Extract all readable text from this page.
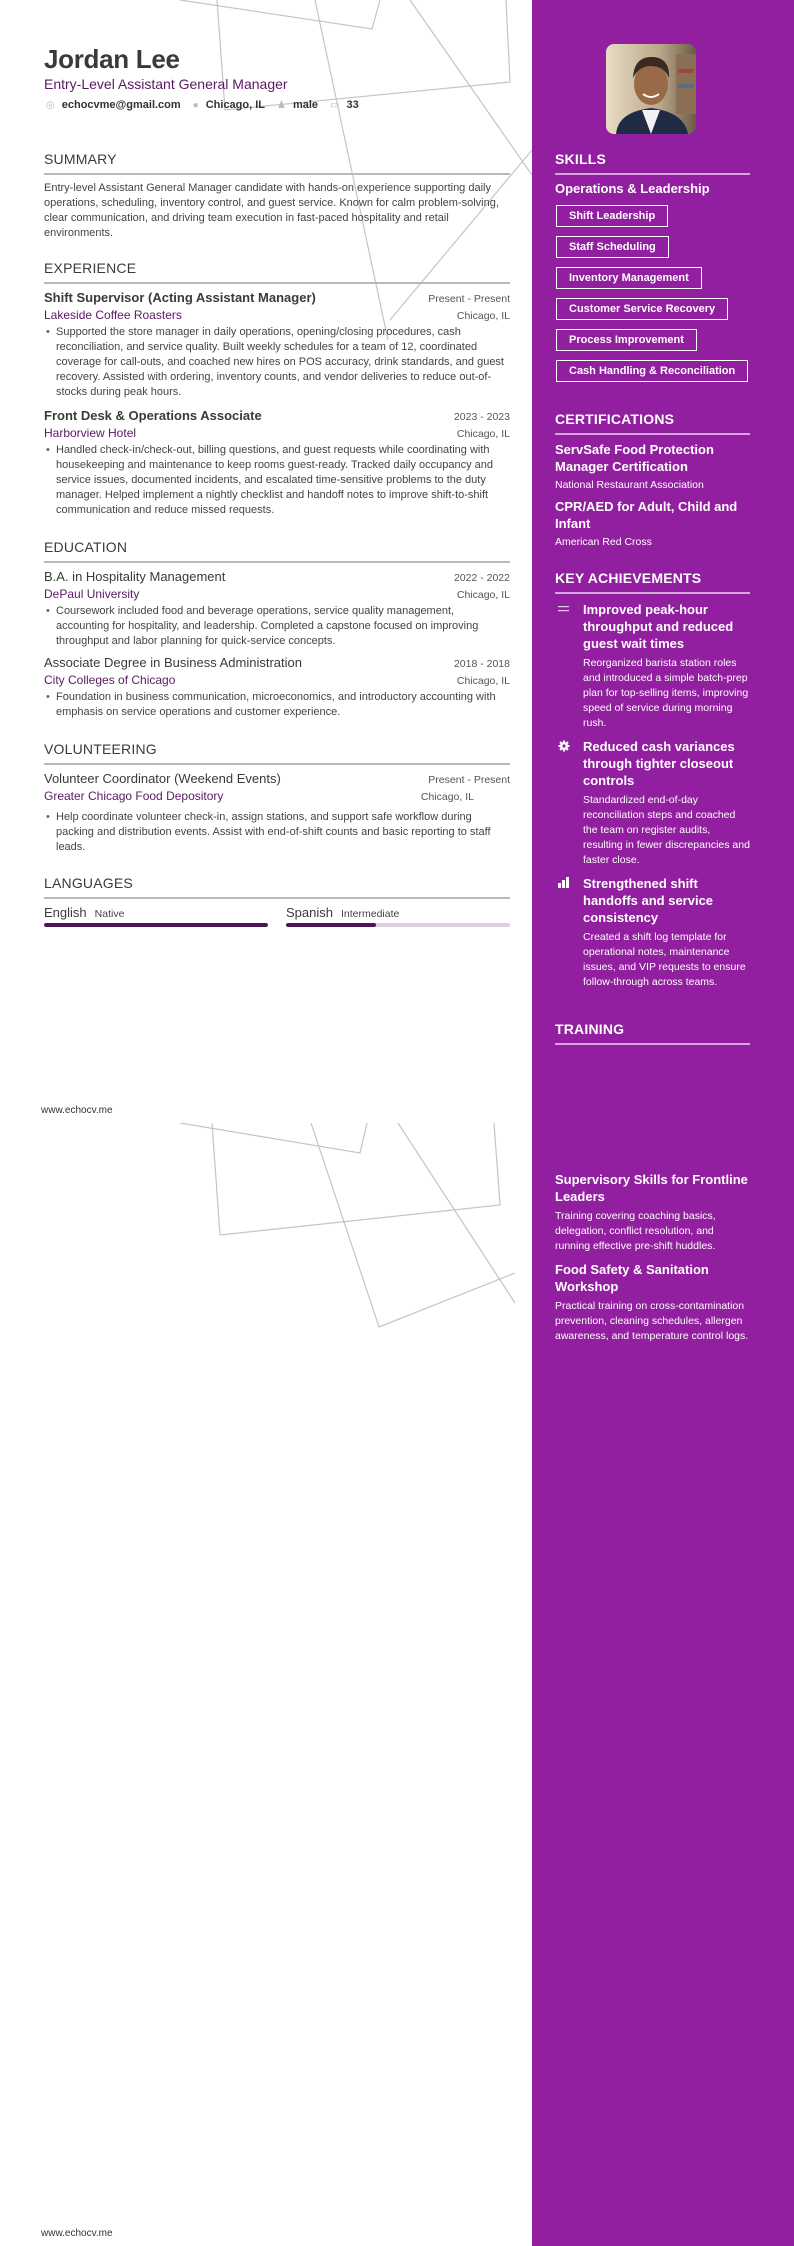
Jordan Lee
Entry-Level Assistant General Manager
◎ echocvme@gmail.com ● Chicago, IL ♟ male ▭ 33
SUMMARY
Entry-level Assistant General Manager candidate with hands-on experience supporting daily operations, scheduling, inventory control, and guest service. Known for calm problem-solving, clear communication, and driving team execution in fast-paced hospitality and retail environments.
EXPERIENCE
Shift Supervisor (Acting Assistant Manager)	Present - Present
Lakeside Coffee Roasters	Chicago, IL
• Supported the store manager in daily operations, opening/closing procedures, cash reconciliation, and service quality. Built weekly schedules for a team of 12, coordinated coverage for call-outs, and coached new hires on POS accuracy, drink standards, and guest recovery. Assisted with ordering, inventory counts, and vendor deliveries to reduce out-of-stocks during peak hours.
Front Desk & Operations Associate	2023 - 2023
Harborview Hotel	Chicago, IL
• Handled check-in/check-out, billing questions, and guest requests while coordinating with housekeeping and maintenance to keep rooms guest-ready. Tracked daily occupancy and service issues, documented incidents, and escalated time-sensitive problems to the duty manager. Helped implement a nightly checklist and handoff notes to improve shift-to-shift communication and reduce missed requests.
EDUCATION
B.A. in Hospitality Management	2022 - 2022
DePaul University	Chicago, IL
• Coursework included food and beverage operations, service quality management, accounting for hospitality, and leadership. Completed a capstone focused on improving throughput and labor planning for quick-service concepts.
Associate Degree in Business Administration	2018 - 2018
City Colleges of Chicago	Chicago, IL
• Foundation in business communication, microeconomics, and introductory accounting with emphasis on service operations and customer experience.
VOLUNTEERING
Volunteer Coordinator (Weekend Events)	Present - Present
Greater Chicago Food Depository	Chicago, IL
• Help coordinate volunteer check-in, assign stations, and support safe workflow during packing and distribution events. Assist with end-of-shift counts and basic reporting to staff leads.
LANGUAGES
English Native	Spanish Intermediate
www.echocv.me
www.echocv.me
SKILLS
Operations & Leadership
Shift Leadership
Staff Scheduling
Inventory Management
Customer Service Recovery
Process Improvement
Cash Handling & Reconciliation
CERTIFICATIONS
ServSafe Food Protection Manager Certification
National Restaurant Association
CPR/AED for Adult, Child and Infant
American Red Cross
KEY ACHIEVEMENTS
Improved peak-hour throughput and reduced guest wait times
Reorganized barista station roles and introduced a simple batch-prep plan for top-selling items, improving speed of service during morning rush.
Reduced cash variances through tighter closeout controls
Standardized end-of-day reconciliation steps and coached the team on register audits, resulting in fewer discrepancies and faster close.
Strengthened shift handoffs and service consistency
Created a shift log template for operational notes, maintenance issues, and VIP requests to ensure follow-through across teams.
TRAINING
Supervisory Skills for Frontline Leaders
Training covering coaching basics, delegation, conflict resolution, and running effective pre-shift huddles.
Food Safety & Sanitation Workshop
Practical training on cross-contamination prevention, cleaning schedules, allergen awareness, and temperature control logs.
